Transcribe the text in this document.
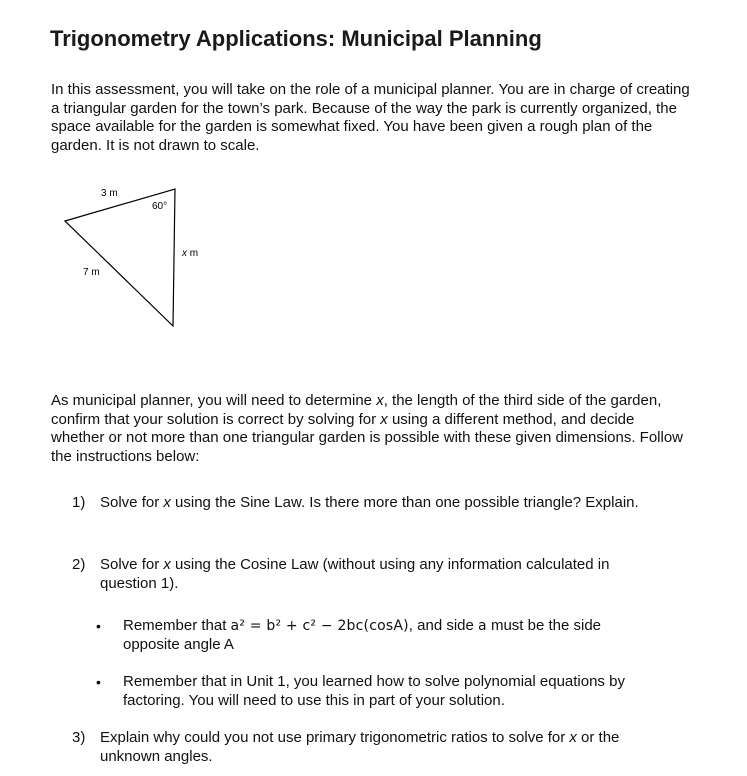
Trigonometry Applications: Municipal Planning

In this assessment, you will take on the role of a municipal planner. You are in charge of creating a triangular garden for the town’s park. Because of the way the park is currently organized, the space available for the garden is somewhat fixed. You have been given a rough plan of the garden. It is not drawn to scale.

3 m
60°
x m
7 m

As municipal planner, you will need to determine x, the length of the third side of the garden, confirm that your solution is correct by solving for x using a different method, and decide whether or not more than one triangular garden is possible with these given dimensions. Follow the instructions below:

1) Solve for x using the Sine Law. Is there more than one possible triangle? Explain.
2) Solve for x using the Cosine Law (without using any information calculated in question 1).
• Remember that a² = b² + c² − 2bc(cosA), and side a must be the side opposite angle A
• Remember that in Unit 1, you learned how to solve polynomial equations by factoring. You will need to use this in part of your solution.
3) Explain why could you not use primary trigonometric ratios to solve for x or the unknown angles.
